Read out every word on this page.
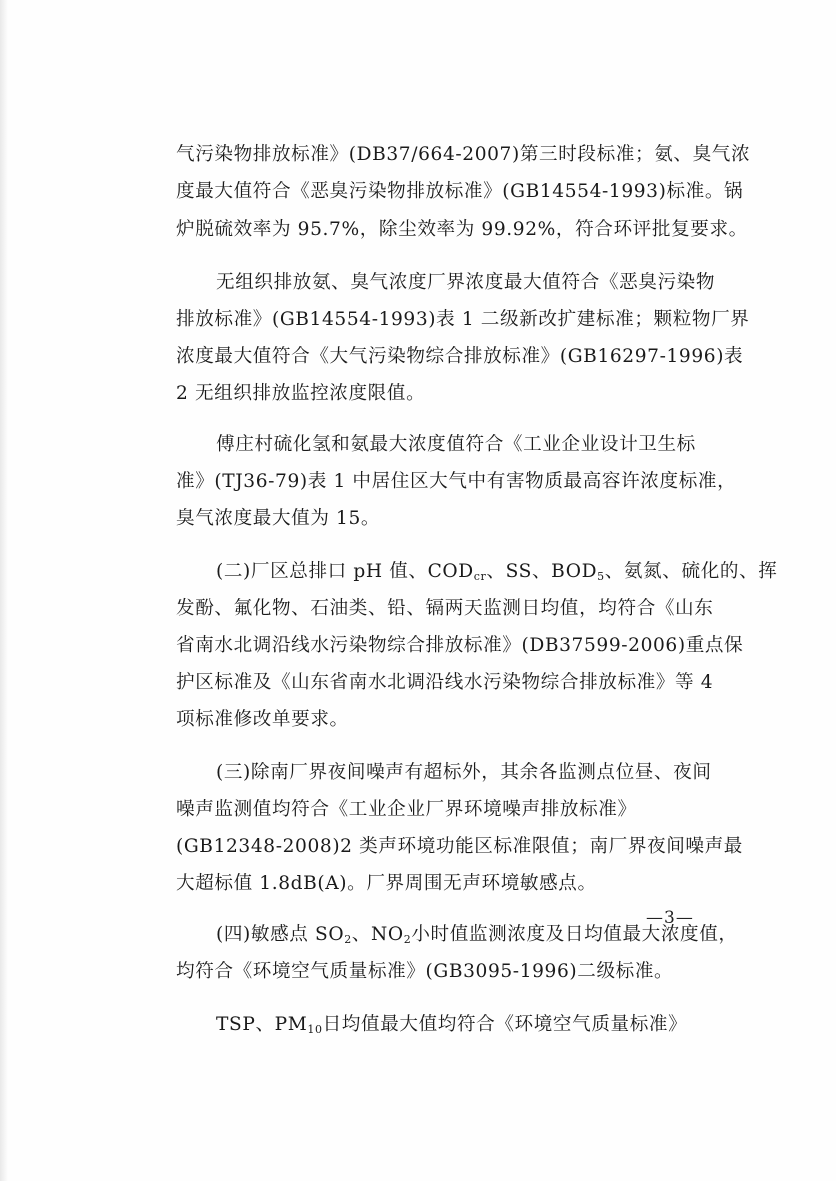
气污染物排放标准》(DB37/664-2007)第三时段标准；氨、臭气浓
度最大值符合《恶臭污染物排放标准》(GB14554-1993)标准。锅
炉脱硫效率为 95.7%，除尘效率为 99.92%，符合环评批复要求。
无组织排放氨、臭气浓度厂界浓度最大值符合《恶臭污染物
排放标准》(GB14554-1993)表 1 二级新改扩建标准；颗粒物厂界
浓度最大值符合《大气污染物综合排放标准》(GB16297-1996)表
2 无组织排放监控浓度限值。
傅庄村硫化氢和氨最大浓度值符合《工业企业设计卫生标
准》(TJ36-79)表 1 中居住区大气中有害物质最高容许浓度标准，
臭气浓度最大值为 15。
(二)厂区总排口 pH 值、$COD_{cr}$、SS、$BOD_5$、氨氮、硫化的、挥
发酚、氟化物、石油类、铅、镉两天监测日均值，均符合《山东
省南水北调沿线水污染物综合排放标准》(DB37599-2006)重点保
护区标准及《山东省南水北调沿线水污染物综合排放标准》等 4
项标准修改单要求。
(三)除南厂界夜间噪声有超标外，其余各监测点位昼、夜间
噪声监测值均符合《工业企业厂界环境噪声排放标准》
(GB12348-2008)2 类声环境功能区标准限值；南厂界夜间噪声最
大超标值 1.8dB(A)。厂界周围无声环境敏感点。
(四)敏感点 $SO_2$、$NO_2$小时值监测浓度及日均值最大浓度值，
均符合《环境空气质量标准》(GB3095-1996)二级标准。
TSP、$PM_{10}$日均值最大值均符合《环境空气质量标准》
—3—
